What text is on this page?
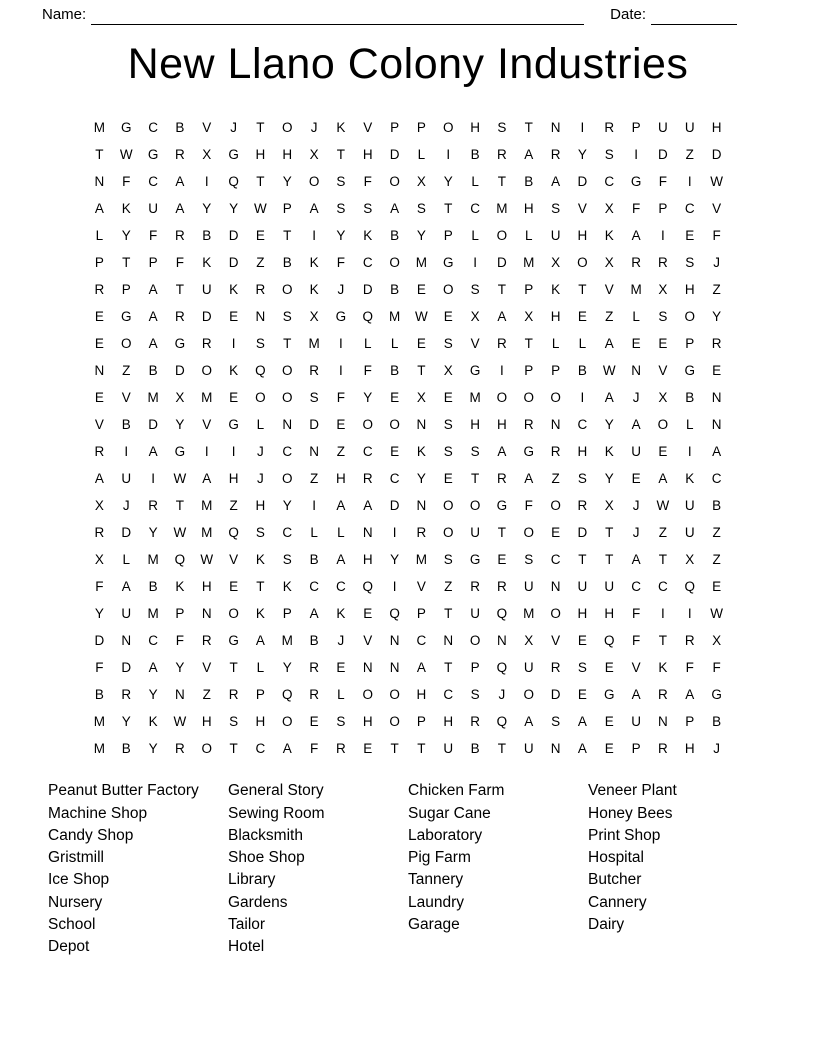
Name:	Date:
New Llano Colony Industries
M	G	C	B	V	J	T	O	J	K	V	P	P	O	H	S	T	N	I	R	P	U	U	H
T	W	G	R	X	G	H	H	X	T	H	D	L	I	B	R	A	R	Y	S	I	D	Z	D
N	F	C	A	I	Q	T	Y	O	S	F	O	X	Y	L	T	B	A	D	C	G	F	I	W
A	K	U	A	Y	Y	W	P	A	S	S	A	S	T	C	M	H	S	V	X	F	P	C	V
L	Y	F	R	B	D	E	T	I	Y	K	B	Y	P	L	O	L	U	H	K	A	I	E	F
P	T	P	F	K	D	Z	B	K	F	C	O	M	G	I	D	M	X	O	X	R	R	S	J
R	P	A	T	U	K	R	O	K	J	D	B	E	O	S	T	P	K	T	V	M	X	H	Z
E	G	A	R	D	E	N	S	X	G	Q	M	W	E	X	A	X	H	E	Z	L	S	O	Y
E	O	A	G	R	I	S	T	M	I	L	L	E	S	V	R	T	L	L	A	E	E	P	R
N	Z	B	D	O	K	Q	O	R	I	F	B	T	X	G	I	P	P	B	W	N	V	G	E
E	V	M	X	M	E	O	O	S	F	Y	E	X	E	M	O	O	O	I	A	J	X	B	N
V	B	D	Y	V	G	L	N	D	E	O	O	N	S	H	H	R	N	C	Y	A	O	L	N
R	I	A	G	I	I	J	C	N	Z	C	E	K	S	S	A	G	R	H	K	U	E	I	A
A	U	I	W	A	H	J	O	Z	H	R	C	Y	E	T	R	A	Z	S	Y	E	A	K	C
X	J	R	T	M	Z	H	Y	I	A	A	D	N	O	O	G	F	O	R	X	J	W	U	B
R	D	Y	W	M	Q	S	C	L	L	N	I	R	O	U	T	O	E	D	T	J	Z	U	Z
X	L	M	Q	W	V	K	S	B	A	H	Y	M	S	G	E	S	C	T	T	A	T	X	Z
F	A	B	K	H	E	T	K	C	C	Q	I	V	Z	R	R	U	N	U	U	C	C	Q	E
Y	U	M	P	N	O	K	P	A	K	E	Q	P	T	U	Q	M	O	H	H	F	I	I	W
D	N	C	F	R	G	A	M	B	J	V	N	C	N	O	N	X	V	E	Q	F	T	R	X
F	D	A	Y	V	T	L	Y	R	E	N	N	A	T	P	Q	U	R	S	E	V	K	F	F
B	R	Y	N	Z	R	P	Q	R	L	O	O	H	C	S	J	O	D	E	G	A	R	A	G
M	Y	K	W	H	S	H	O	E	S	H	O	P	H	R	Q	A	S	A	E	U	N	P	B
M	B	Y	R	O	T	C	A	F	R	E	T	T	U	B	T	U	N	A	E	P	R	H	J
Peanut Butter Factory
Machine Shop
Candy Shop
Gristmill
Ice Shop
Nursery
School
Depot
General Story
Sewing Room
Blacksmith
Shoe Shop
Library
Gardens
Tailor
Hotel
Chicken Farm
Sugar Cane
Laboratory
Pig Farm
Tannery
Laundry
Garage
Veneer Plant
Honey Bees
Print Shop
Hospital
Butcher
Cannery
Dairy
